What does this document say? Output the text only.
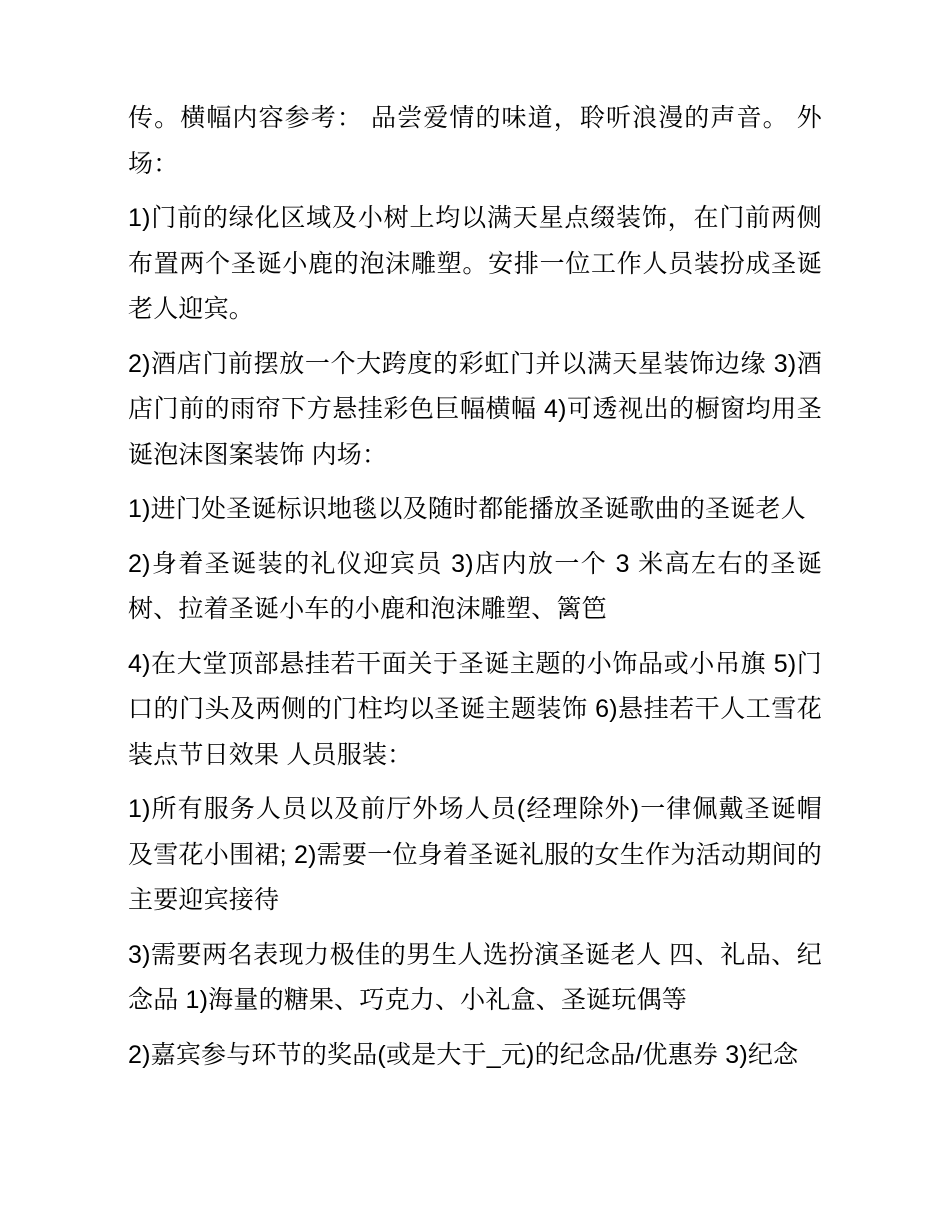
传。横幅内容参考： 品尝爱情的味道，聆听浪漫的声音。 外场：

1)门前的绿化区域及小树上均以满天星点缀装饰，在门前两侧布置两个圣诞小鹿的泡沫雕塑。安排一位工作人员装扮成圣诞老人迎宾。

2)酒店门前摆放一个大跨度的彩虹门并以满天星装饰边缘 3)酒店门前的雨帘下方悬挂彩色巨幅横幅 4)可透视出的橱窗均用圣诞泡沫图案装饰 内场：

1)进门处圣诞标识地毯以及随时都能播放圣诞歌曲的圣诞老人

2)身着圣诞装的礼仪迎宾员 3)店内放一个 3 米高左右的圣诞树、拉着圣诞小车的小鹿和泡沫雕塑、篱笆

4)在大堂顶部悬挂若干面关于圣诞主题的小饰品或小吊旗 5)门口的门头及两侧的门柱均以圣诞主题装饰 6)悬挂若干人工雪花装点节日效果 人员服装：

1)所有服务人员以及前厅外场人员(经理除外)一律佩戴圣诞帽及雪花小围裙; 2)需要一位身着圣诞礼服的女生作为活动期间的主要迎宾接待

3)需要两名表现力极佳的男生人选扮演圣诞老人 四、礼品、纪念品 1)海量的糖果、巧克力、小礼盒、圣诞玩偶等

2)嘉宾参与环节的奖品(或是大于_元)的纪念品/优惠券 3)纪念
